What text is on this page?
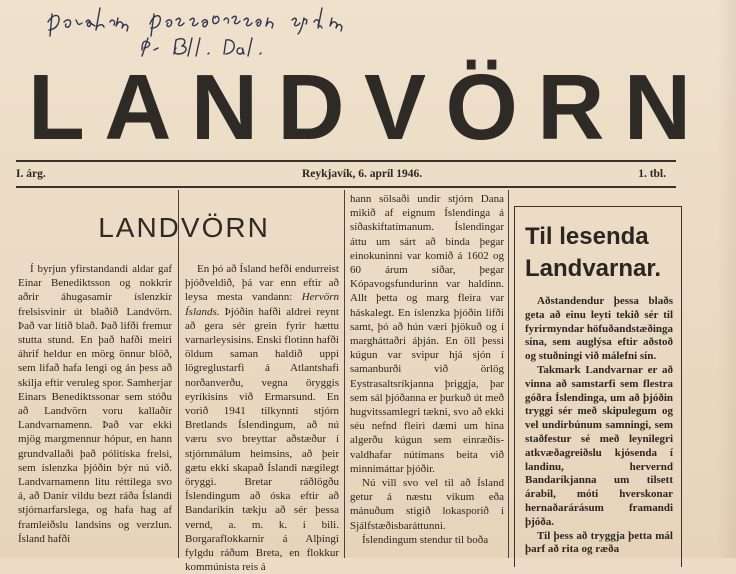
L A N D V Ö R N
I. árg.	Reykjavík, 6. apríl 1946.	1. tbl.
LANDVÖRN

Í byrjun yfirstandandi aldar gaf Einar Benediktsson og nokkrir aðrir áhugasamir íslenzkir frelsisvinir út blaðið Landvörn. Það var lítið blað. Það lifði fremur stutta stund. En það hafði meiri áhrif heldur en mörg önnur blöð, sem lifað hafa lengi og án þess að skilja eftir veruleg spor. Samherjar Einars Benediktssonar sem stóðu að Landvörn voru kallaðir Landvarnamenn. Það var ekki mjög margmennur hópur, en hann grundvallaði það pólitíska frelsi, sem íslenzka þjóðin býr nú við. Landvarnamenn litu réttilega svo á, að Danir vildu bezt ráða Íslandi stjórnarfarslega, og hafa hag af framleiðslu landsins og verzlun. Ísland hafði

En þó að Ísland hefði endurreist þjóðveldið, þá var enn eftir að leysa mesta vandann: Hervörn Íslands. Þjóðin hafði aldrei reynt að gera sér grein fyrir hættu varnarleysisins. Enski flotinn hafði öldum saman haldið uppi lögreglustarfi á Atlantshafi norðanverðu, vegna öryggis eyríkisins við Ermarsund. En vorið 1941 tilkynnti stjórn Bretlands Íslendingum, að nú væru svo breyttar aðstæður í stjórnmálum heimsins, að þeir gætu ekki skapað Íslandi nægilegt öryggi. Bretar ráðlögðu Íslendingum að óska eftir að Bandaríkin tækju að sér þessa vernd, a. m. k. í bili. Borgaraflokkarnir á Alþingi fylgdu ráðum Breta, en flokkur kommúnista reis á

hann sölsaði undir stjórn Dana mikið af eignum Íslendinga á síðaskiftatímanum. Íslendingar áttu um sárt að binda þegar einokuninni var komið á 1602 og 60 árum síðar, þegar Kópavogsfundurinn var haldinn. Allt þetta og marg fleira var háskalegt. En íslenzka þjóðin lifði samt, þó að hún væri þjökuð og í margháttaðri áþján. En öll þessi kúgun var svipur hjá sjón í samanburði við örlög Eystrasaltsríkjanna þriggja, þar sem sál þjóðanna er þurkuð út með hugvitssamlegri tækni, svo að ekki séu nefnd fleiri dæmi um hina algerðu kúgun sem einræðis-valdhafar nútímans beita við minnimáttar þjóðir.

Nú vill svo vel til að Ísland getur á næstu vikum eða mánuðum stigið lokasporið í Sjálfstæðisbaráttunni.

Íslendingum stendur til boða

Til lesenda Landvarnar.

Aðstandendur þessa blaðs geta að einu leyti tekið sér til fyrirmyndar höfuðandstæðinga sína, sem auglýsa eftir aðstoð og stuðningi við málefni sín.

Takmark Landvarnar er að vinna að samstarfi sem flestra góðra Íslendinga, um að þjóðin tryggi sér með skipulegum og vel undirbúnum samningi, sem staðfestur sé með leynilegri atkvæðagreiðslu kjósenda í landinu, hervernd Bandaríkjanna um tilsett árabil, móti hverskonar hernaðarárásum framandi þjóða.

Til þess að tryggja þetta mál þarf að rita og ræða
